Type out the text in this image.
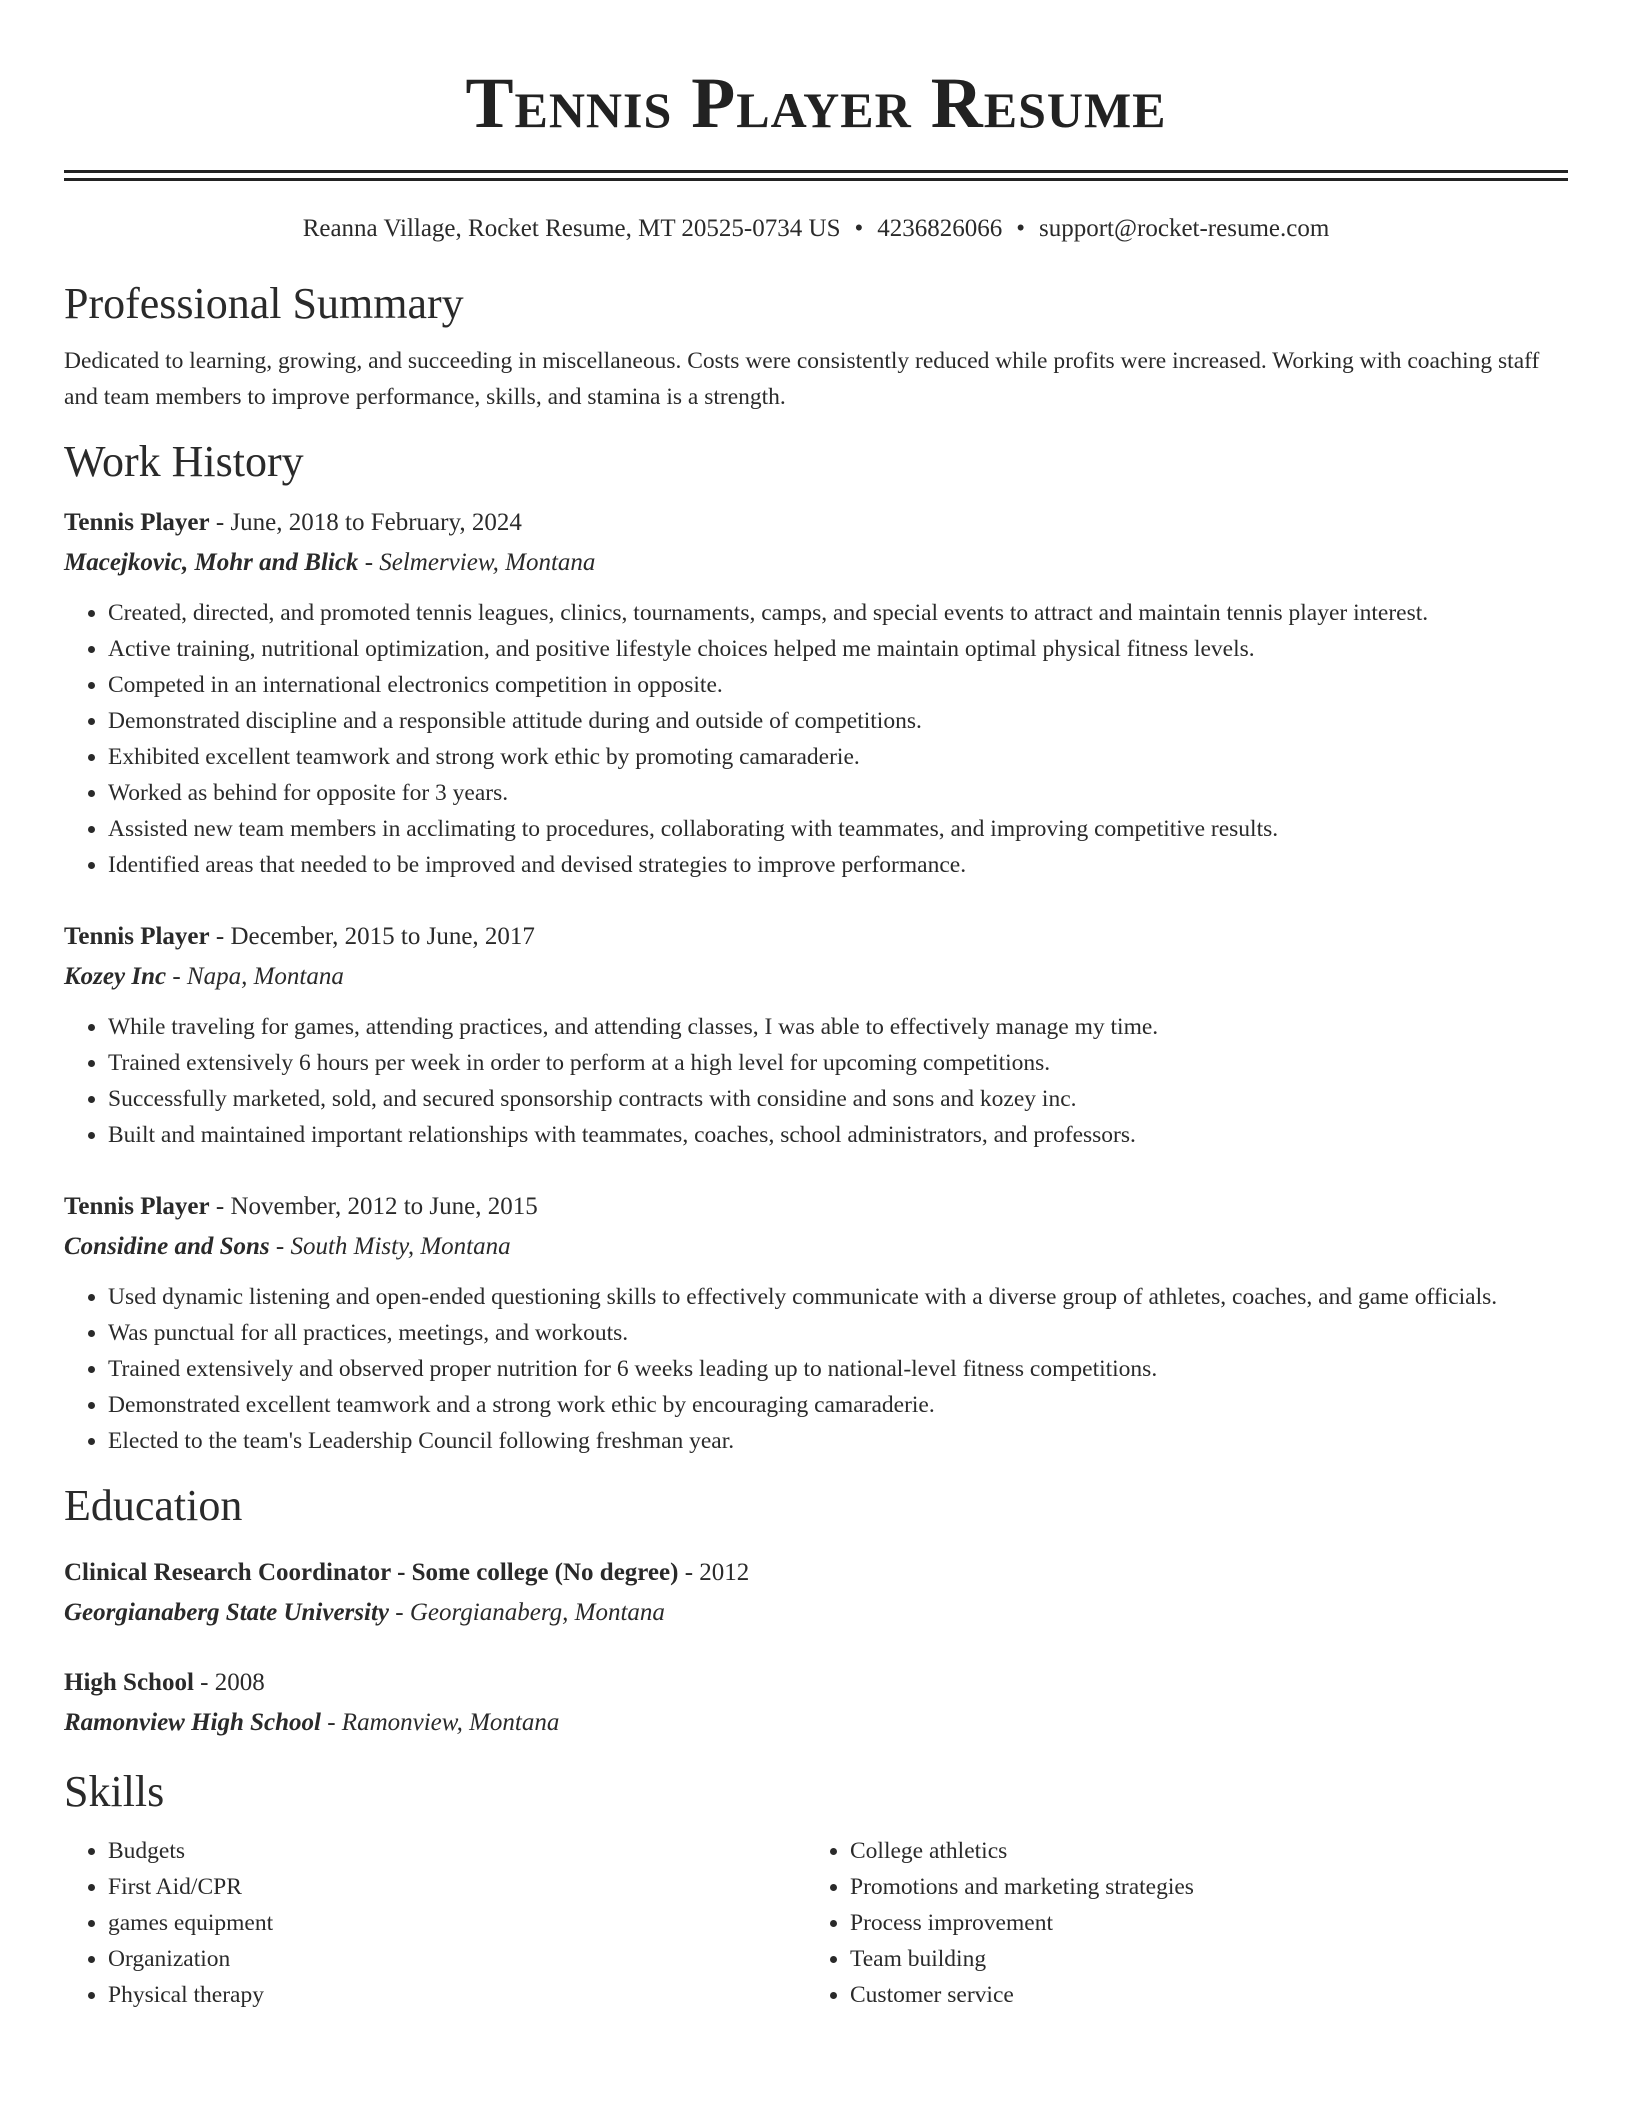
Tennis Player Resume
Reanna Village, Rocket Resume, MT 20525-0734 US • 4236826066 • support@rocket-resume.com
Professional Summary
Dedicated to learning, growing, and succeeding in miscellaneous. Costs were consistently reduced while profits were increased. Working with coaching staff and team members to improve performance, skills, and stamina is a strength.
Work History
Tennis Player - June, 2018 to February, 2024
Macejkovic, Mohr and Blick - Selmerview, Montana
• Created, directed, and promoted tennis leagues, clinics, tournaments, camps, and special events to attract and maintain tennis player interest.
• Active training, nutritional optimization, and positive lifestyle choices helped me maintain optimal physical fitness levels.
• Competed in an international electronics competition in opposite.
• Demonstrated discipline and a responsible attitude during and outside of competitions.
• Exhibited excellent teamwork and strong work ethic by promoting camaraderie.
• Worked as behind for opposite for 3 years.
• Assisted new team members in acclimating to procedures, collaborating with teammates, and improving competitive results.
• Identified areas that needed to be improved and devised strategies to improve performance.
Tennis Player - December, 2015 to June, 2017
Kozey Inc - Napa, Montana
• While traveling for games, attending practices, and attending classes, I was able to effectively manage my time.
• Trained extensively 6 hours per week in order to perform at a high level for upcoming competitions.
• Successfully marketed, sold, and secured sponsorship contracts with considine and sons and kozey inc.
• Built and maintained important relationships with teammates, coaches, school administrators, and professors.
Tennis Player - November, 2012 to June, 2015
Considine and Sons - South Misty, Montana
• Used dynamic listening and open-ended questioning skills to effectively communicate with a diverse group of athletes, coaches, and game officials.
• Was punctual for all practices, meetings, and workouts.
• Trained extensively and observed proper nutrition for 6 weeks leading up to national-level fitness competitions.
• Demonstrated excellent teamwork and a strong work ethic by encouraging camaraderie.
• Elected to the team's Leadership Council following freshman year.
Education
Clinical Research Coordinator - Some college (No degree) - 2012
Georgianaberg State University - Georgianaberg, Montana
High School - 2008
Ramonview High School - Ramonview, Montana
Skills
• Budgets
• First Aid/CPR
• games equipment
• Organization
• Physical therapy
• College athletics
• Promotions and marketing strategies
• Process improvement
• Team building
• Customer service
